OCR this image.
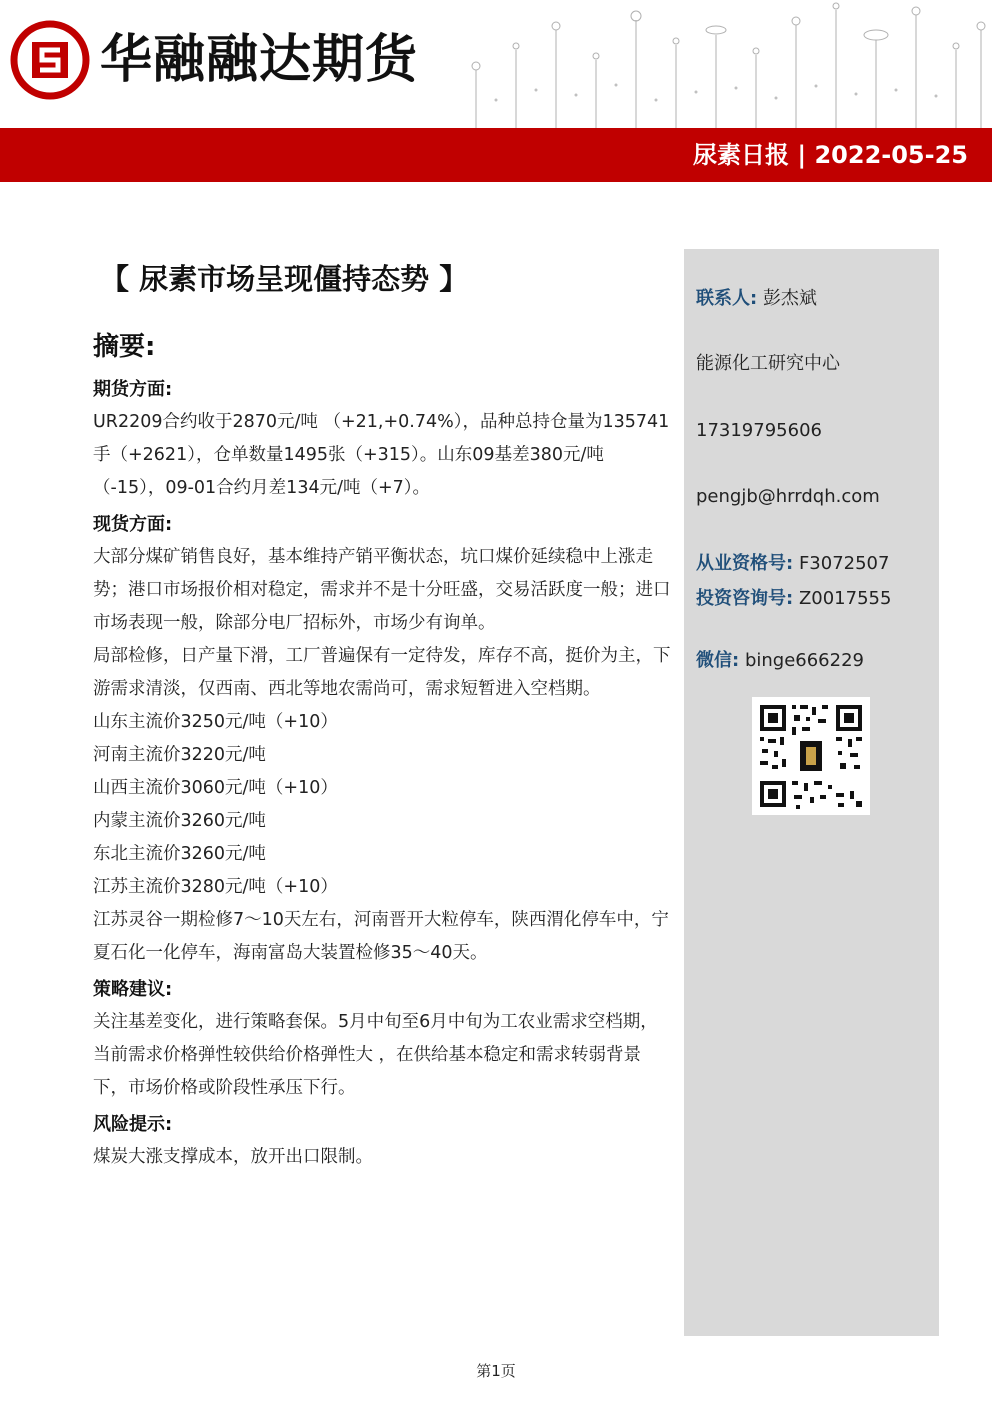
华融融达期货
尿素日报 | 2022-05-25
【 尿素市场呈现僵持态势 】
摘要:
期货方面:

UR2209合约收于2870元/吨 （+21,+0.74%），品种总持仓量为135741手（+2621），仓单数量1495张（+315）。山东09基差380元/吨（-15），09-01合约月差134元/吨（+7）。

现货方面:

大部分煤矿销售良好，基本维持产销平衡状态，坑口煤价延续稳中上涨走势；港口市场报价相对稳定，需求并不是十分旺盛，交易活跃度一般；进口市场表现一般，除部分电厂招标外，市场少有询单。

局部检修，日产量下滑，工厂普遍保有一定待发，库存不高，挺价为主，下游需求清淡，仅西南、西北等地农需尚可，需求短暂进入空档期。

山东主流价3250元/吨（+10）

河南主流价3220元/吨

山西主流价3060元/吨（+10）

内蒙主流价3260元/吨

东北主流价3260元/吨

江苏主流价3280元/吨（+10）

江苏灵谷一期检修7～10天左右，河南晋开大粒停车，陕西渭化停车中，宁夏石化一化停车，海南富岛大装置检修35～40天。

策略建议:

关注基差变化，进行策略套保。5月中旬至6月中旬为工农业需求空档期，当前需求价格弹性较供给价格弹性大 ，在供给基本稳定和需求转弱背景下，市场价格或阶段性承压下行。

风险提示:

煤炭大涨支撑成本，放开出口限制。

联系人: 彭杰斌
能源化工研究中心
17319795606
pengjb@hrrdqh.com
从业资格号: F3072507
投资咨询号: Z0017555
微信: binge666229
第1页
